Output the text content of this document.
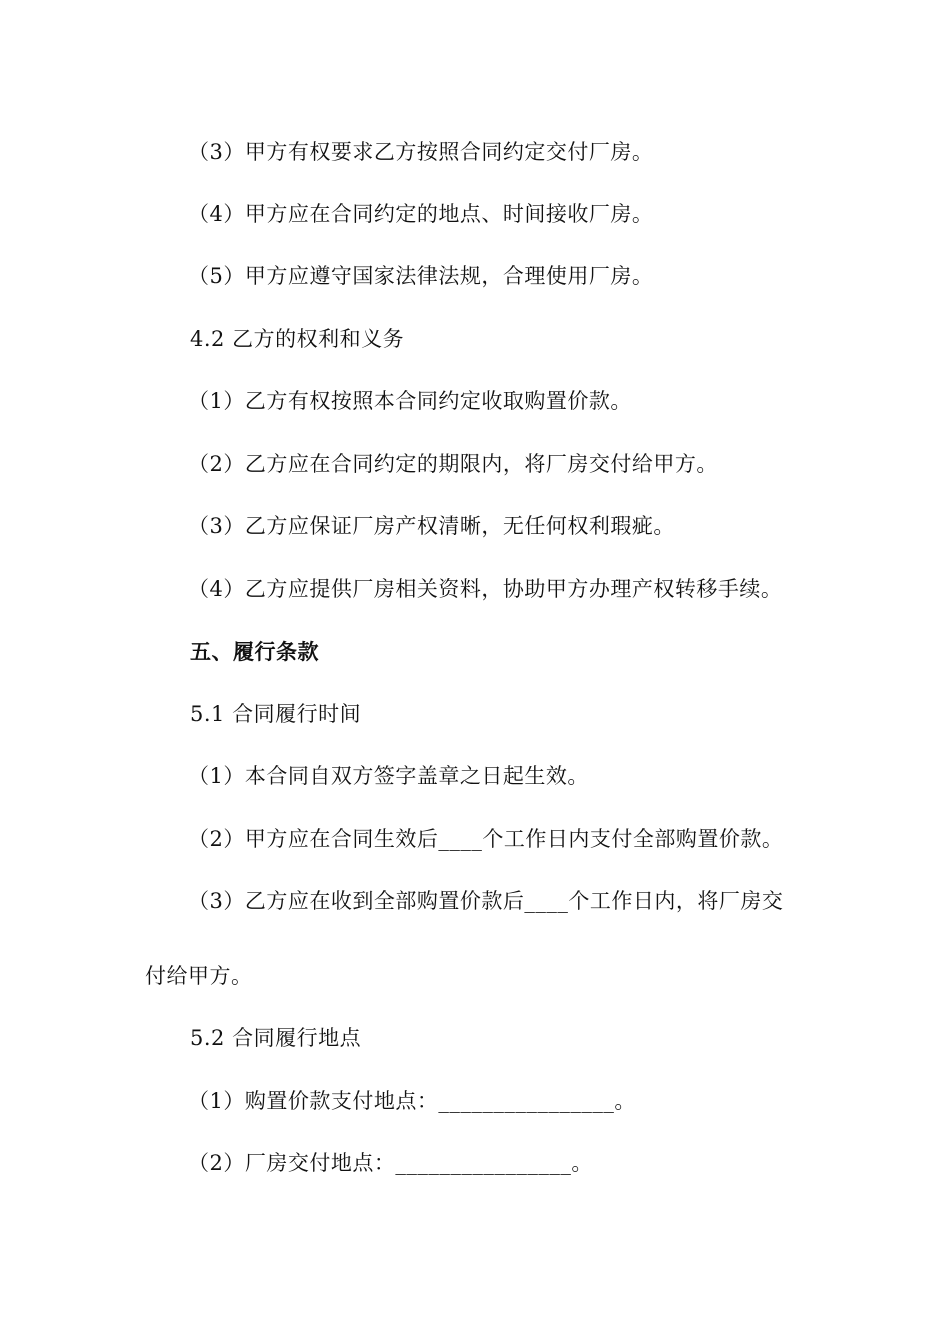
（3）甲方有权要求乙方按照合同约定交付厂房。
（4）甲方应在合同约定的地点、时间接收厂房。
（5）甲方应遵守国家法律法规，合理使用厂房。
4.2 乙方的权利和义务
（1）乙方有权按照本合同约定收取购置价款。
（2）乙方应在合同约定的期限内，将厂房交付给甲方。
（3）乙方应保证厂房产权清晰，无任何权利瑕疵。
（4）乙方应提供厂房相关资料，协助甲方办理产权转移手续。
五、履行条款
5.1 合同履行时间
（1）本合同自双方签字盖章之日起生效。
（2）甲方应在合同生效后____个工作日内支付全部购置价款。
（3）乙方应在收到全部购置价款后____个工作日内，将厂房交
付给甲方。
5.2 合同履行地点
（1）购置价款支付地点：________________。
（2）厂房交付地点：________________。
